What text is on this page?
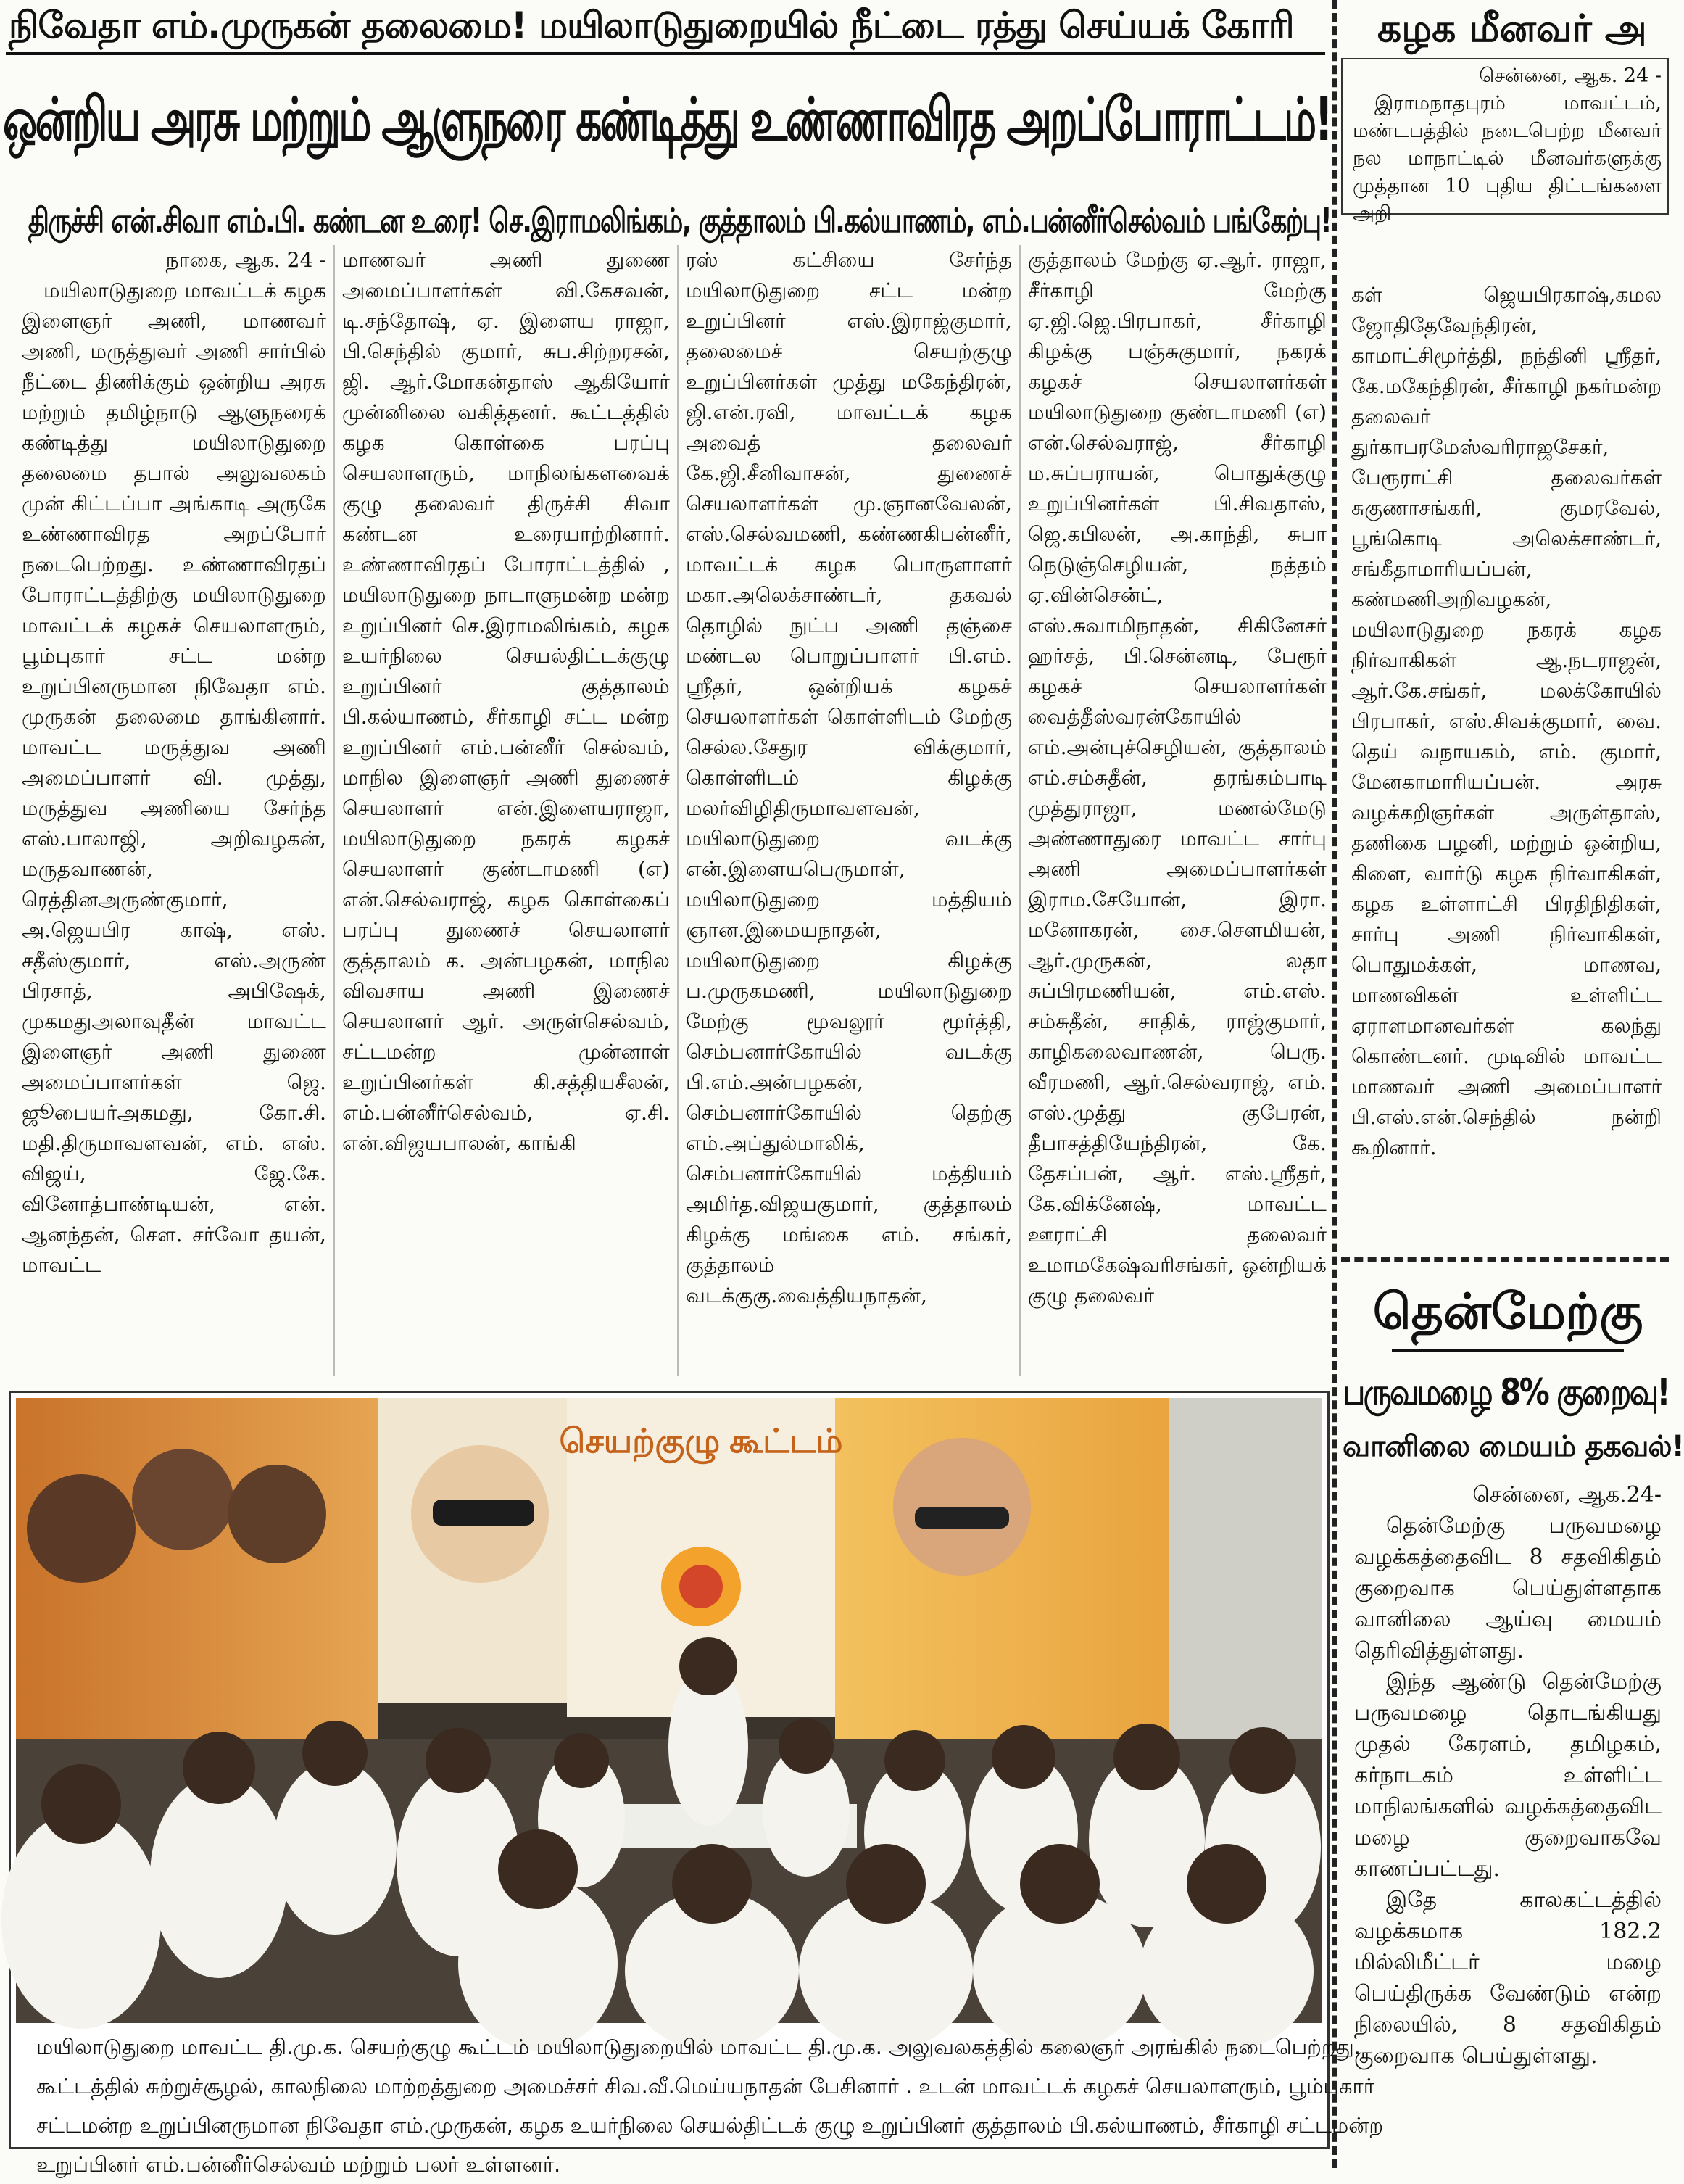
நிவேதா எம்.முருகன் தலைமை! மயிலாடுதுறையில் நீட்டை ரத்து செய்யக் கோரி
ஒன்றிய அரசு மற்றும் ஆளுநரை கண்டித்து உண்ணாவிரத அறப்போராட்டம்!
திருச்சி என்.சிவா எம்.பி. கண்டன உரை! செ.இராமலிங்கம், குத்தாலம் பி.கல்யாணம், எம்.பன்னீர்செல்வம் பங்கேற்பு!
நாகை, ஆக. 24 -

மயிலாடுதுறை மாவட்டக் கழக இளைஞர் அணி, மாணவர் அணி, மருத்துவர் அணி சார்பில் நீட்டை திணிக்கும் ஒன்றிய அரசு மற்றும் தமிழ்நாடு ஆளுநரைக் கண்டித்து மயிலாடுதுறை தலைமை தபால் அலுவலகம் முன் கிட்டப்பா அங்காடி அருகே உண்ணாவிரத அறப்போர் நடைபெற்றது. உண்ணாவிரதப் போராட்டத்திற்கு மயிலாடுதுறை மாவட்டக் கழகச் செயலாளரும், பூம்புகார் சட்ட மன்ற உறுப்பினருமான நிவேதா எம். முருகன் தலைமை தாங்கினார். மாவட்ட மருத்துவ அணி அமைப்பாளர் வி. முத்து, மருத்துவ அணியை சேர்ந்த எஸ்.பாலாஜி, அறிவழகன், மருதவாணன், ரெத்தினஅருண்குமார், அ.ஜெயபிர காஷ், எஸ். சதீஸ்குமார், எஸ்.அருண் பிரசாத், அபிஷேக், முகமதுஅலாவுதீன் மாவட்ட இளைஞர் அணி துணை அமைப்பாளர்கள் ஜெ. ஜூபையர்அகமது, கோ.சி. மதி.திருமாவளவன், எம். எஸ். விஜய், ஜே.கே. வினோத்பாண்டியன், என். ஆனந்தன், செள. சர்வோ தயன், மாவட்ட

மாணவர் அணி துணை அமைப்பாளர்கள் வி.கேசவன், டி.சந்தோஷ், ஏ. இளைய ராஜா, பி.செந்தில் குமார், சுப.சிற்றரசன், ஜி. ஆர்.மோகன்தாஸ் ஆகியோர் முன்னிலை வகித்தனர். கூட்டத்தில் கழக கொள்கை பரப்பு செயலாளரும், மாநிலங்களவைக் குழு தலைவர் திருச்சி சிவா கண்டன உரையாற்றினார். உண்ணாவிரதப் போராட்டத்தில் , மயிலாடுதுறை நாடாளுமன்ற மன்ற உறுப்பினர் செ.இராமலிங்கம், கழக உயர்நிலை செயல்திட்டக்குழு உறுப்பினர் குத்தாலம் பி.கல்யாணம், சீர்காழி சட்ட மன்ற உறுப்பினர் எம்.பன்னீர் செல்வம், மாநில இளைஞர் அணி துணைச் செயலாளர் என்.இளையராஜா, மயிலாடுதுறை நகரக் கழகச் செயலாளர் குண்டாமணி (எ) என்.செல்வராஜ், கழக கொள்கைப் பரப்பு துணைச் செயலாளர் குத்தாலம் க. அன்பழகன், மாநில விவசாய அணி இணைச் செயலாளர் ஆர். அருள்செல்வம், சட்டமன்ற முன்னாள் உறுப்பினர்கள் கி.சத்தியசீலன், எம்.பன்னீர்செல்வம், ஏ.சி. என்.விஜயபாலன், காங்கி
ரஸ் கட்சியை சேர்ந்த மயிலாடுதுறை சட்ட மன்ற உறுப்பினர் எஸ்.இராஜ்குமார், தலைமைச் செயற்குழு உறுப்பினர்கள் முத்து மகேந்திரன், ஜி.என்.ரவி, மாவட்டக் கழக அவைத் தலைவர் கே.ஜி.சீனிவாசன், துணைச் செயலாளர்கள் மு.ஞானவேலன், எஸ்.செல்வமணி, கண்ணகிபன்னீர், மாவட்டக் கழக பொருளாளர் மகா.அலெக்சாண்டர், தகவல் தொழில் நுட்ப அணி தஞ்சை மண்டல பொறுப்பாளர் பி.எம். ஸ்ரீதர், ஒன்றியக் கழகச் செயலாளர்கள் கொள்ளிடம் மேற்கு செல்ல.சேதுர விக்குமார், கொள்ளிடம் கிழக்கு மலர்விழிதிருமாவளவன், மயிலாடுதுறை வடக்கு என்.இளையபெருமாள், மயிலாடுதுறை மத்தியம் ஞான.இமையநாதன், மயிலாடுதுறை கிழக்கு ப.முருகமணி, மயிலாடுதுறை மேற்கு மூவலூர் மூர்த்தி, செம்பனார்கோயில் வடக்கு பி.எம்.அன்பழகன், செம்பனார்கோயில் தெற்கு எம்.அப்துல்மாலிக், செம்பனார்கோயில் மத்தியம் அமிர்த.விஜயகுமார், குத்தாலம் கிழக்கு மங்கை எம். சங்கர், குத்தாலம் வடக்குகு.வைத்தியநாதன்,
குத்தாலம் மேற்கு ஏ.ஆர். ராஜா, சீர்காழி மேற்கு ஏ.ஜி.ஜெ.பிரபாகர், சீர்காழி கிழக்கு பஞ்சுகுமார், நகரக் கழகச் செயலாளர்கள் மயிலாடுதுறை குண்டாமணி (எ) என்.செல்வராஜ், சீர்காழி ம.சுப்பராயன், பொதுக்குழு உறுப்பினர்கள் பி.சிவதாஸ், ஜெ.கபிலன், அ.காந்தி, சுபா நெடுஞ்செழியன், நத்தம் ஏ.வின்சென்ட், எஸ்.சுவாமிநாதன், சிகினேசர் ஹர்சத், பி.சென்னடி, பேரூர் கழகச் செயலாளர்கள் வைத்தீஸ்வரன்கோயில் எம்.அன்புச்செழியன், குத்தாலம் எம்.சம்சுதீன், தரங்கம்பாடி முத்துராஜா, மணல்மேடு அண்ணாதுரை மாவட்ட சார்பு அணி அமைப்பாளர்கள் இராம.சேயோன், இரா. மனோகரன், சை.சௌமியன், ஆர்.முருகன், லதா சுப்பிரமணியன், எம்.எஸ். சம்சுதீன், சாதிக், ராஜ்குமார், காழிகலைவாணன், பெரு. வீரமணி, ஆர்.செல்வராஜ், எம். எஸ்.முத்து குபேரன், தீபாசத்தியேந்திரன், கே. தேசப்பன், ஆர். எஸ்.ஸ்ரீதர், கே.விக்னேஷ், மாவட்ட ஊராட்சி தலைவர் உமாமகேஷ்வரிசங்கர், ஒன்றியக் குழு தலைவர்
செயற்குழு கூட்டம்
மயிலாடுதுறை மாவட்ட தி.மு.க. செயற்குழு கூட்டம் மயிலாடுதுறையில் மாவட்ட தி.மு.க. அலுவலகத்தில் கலைஞர் அரங்கில் நடைபெற்றது.
கூட்டத்தில் சுற்றுச்சூழல், காலநிலை மாற்றத்துறை அமைச்சர் சிவ.வீ.மெய்யநாதன் பேசினார் . உடன் மாவட்டக் கழகச் செயலாளரும், பூம்புகார்
சட்டமன்ற உறுப்பினருமான நிவேதா எம்.முருகன், கழக உயர்நிலை செயல்திட்டக் குழு உறுப்பினர் குத்தாலம் பி.கல்யாணம், சீர்காழி சட்டமன்ற
உறுப்பினர் எம்.பன்னீர்செல்வம் மற்றும் பலர் உள்ளனர்.
கழக மீனவர் அ
சென்னை, ஆக. 24 -
இராமநாதபுரம் மாவட்டம், மண்டபத்தில் நடைபெற்ற மீனவர் நல மாநாட்டில் மீனவர்களுக்கு முத்தான 10 புதிய திட்டங்களை அறி
கள் ஜெயபிரகாஷ்,கமல ஜோதிதேவேந்திரன், காமாட்சிமூர்த்தி, நந்தினி ஸ்ரீதர், கே.மகேந்திரன், சீர்காழி நகர்மன்ற தலைவர் துர்காபரமேஸ்வரிராஜசேகர், பேரூராட்சி தலைவர்கள் சுகுணாசங்கரி, குமரவேல், பூங்கொடி அலெக்சாண்டர், சங்கீதாமாரியப்பன், கண்மணிஅறிவழகன், மயிலாடுதுறை நகரக் கழக நிர்வாகிகள் ஆ.நடராஜன், ஆர்.கே.சங்கர், மலக்கோயில் பிரபாகர், எஸ்.சிவக்குமார், வை. தெய் வநாயகம், எம். குமார், மேனகாமாரியப்பன். அரசு வழக்கறிஞர்கள் அருள்தாஸ், தணிகை பழனி, மற்றும் ஒன்றிய, கிளை, வார்டு கழக நிர்வாகிகள், கழக உள்ளாட்சி பிரதிநிதிகள், சார்பு அணி நிர்வாகிகள், பொதுமக்கள், மாணவ, மாணவிகள் உள்ளிட்ட ஏராளமானவர்கள் கலந்து கொண்டனர். முடிவில் மாவட்ட மாணவர் அணி அமைப்பாளர் பி.எஸ்.என்.செந்தில் நன்றி கூறினார்.
தென்மேற்கு
பருவமழை 8% குறைவு!
வானிலை மையம் தகவல்!
சென்னை, ஆக.24-

தென்மேற்கு பருவமழை வழக்கத்தைவிட 8 சதவிகிதம் குறைவாக பெய்துள்ளதாக வானிலை ஆய்வு மையம் தெரிவித்துள்ளது.

இந்த ஆண்டு தென்மேற்கு பருவமழை தொடங்கியது முதல் கேரளம், தமிழகம், கர்நாடகம் உள்ளிட்ட மாநிலங்களில் வழக்கத்தைவிட மழை குறைவாகவே காணப்பட்டது.

இதே காலகட்டத்தில் வழக்கமாக 182.2 மில்லிமீட்டர் மழை பெய்திருக்க வேண்டும் என்ற நிலையில், 8 சதவிகிதம் குறைவாக பெய்துள்ளது.
